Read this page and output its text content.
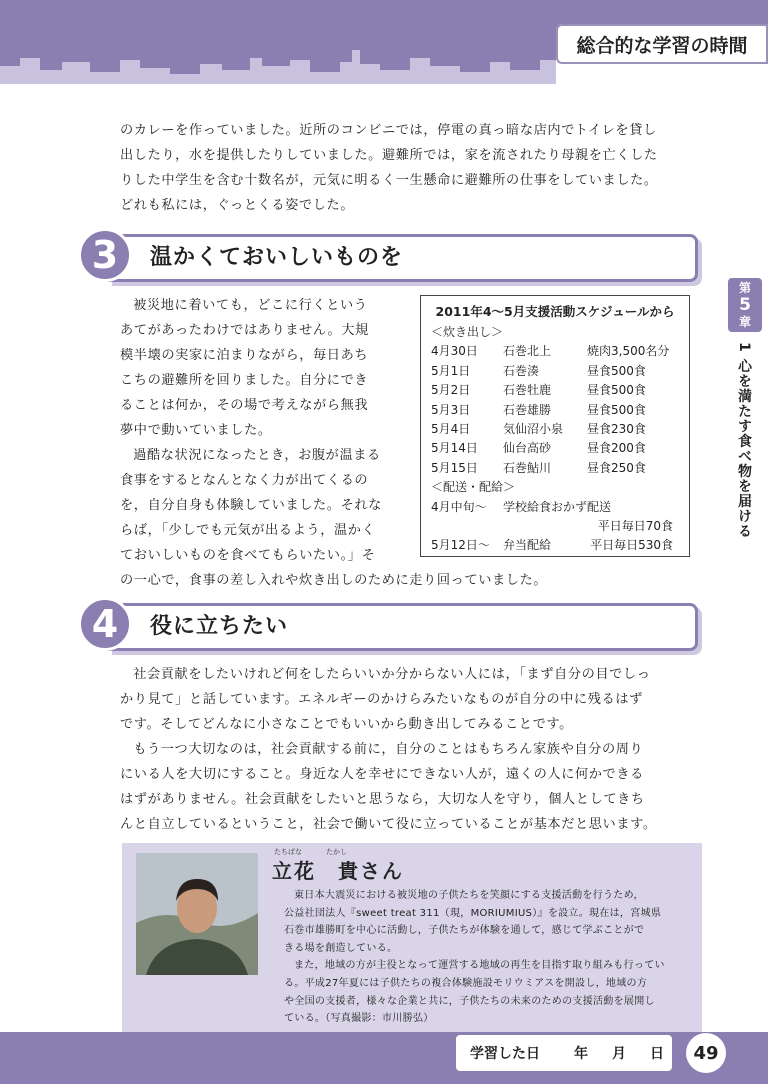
総合的な学習の時間

のカレーを作っていました。近所のコンビニでは，停電の真っ暗な店内でトイレを貸し

出したり，水を提供したりしていました。避難所では，家を流されたり母親を亡くした

りした中学生を含む十数名が，元気に明るく一生懸命に避難所の仕事をしていました。

どれも私には，ぐっとくる姿でした。

3	温かくておいしいものを

被災地に着いても，どこに行くという

あてがあったわけではありません。大規

模半壊の実家に泊まりながら，毎日あち

こちの避難所を回りました。自分にでき

ることは何か，その場で考えながら無我

夢中で動いていました。

過酷な状況になったとき，お腹が温まる

食事をするとなんとなく力が出てくるの

を，自分自身も体験していました。それな

らば，「少しでも元気が出るよう，温かく

ておいしいものを食べてもらいたい。」そ

の一心で，食事の差し入れや炊き出しのために走り回っていました。
2011年4～5月支援活動スケジュールから
＜炊き出し＞
4月30日	石巻北上	焼肉3,500名分
5月1日	石巻湊	昼食500食
5月2日	石巻牡鹿	昼食500食
5月3日	石巻雄勝	昼食500食
5月4日	気仙沼小泉	昼食230食
5月14日	仙台高砂	昼食200食
5月15日	石巻鮎川	昼食250食
＜配送・配給＞
4月中旬～	学校給食おかず配送
平日毎日70食
5月12日～	弁当配給	平日毎日530食
第
5
章
1 心を満たす食べ物を届ける
4	役に立ちたい

社会貢献をしたいけれど何をしたらいいか分からない人には，「まず自分の目でしっ

かり見て」と話しています。エネルギーのかけらみたいなものが自分の中に残るはず

です。そしてどんなに小さなことでもいいから動き出してみることです。

もう一つ大切なのは，社会貢献する前に，自分のことはもちろん家族や自分の周り

にいる人を大切にすること。身近な人を幸せにできない人が，遠くの人に何かできる

はずがありません。社会貢献をしたいと思うなら，大切な人を守り，個人としてきち

んと自立しているということ，社会で働いて役に立っていることが基本だと思います。

たちばな	たかし
立花　貴さん

東日本大震災における被災地の子供たちを笑顔にする支援活動を行うため，

公益社団法人『sweet treat 311（現，MORIUMIUS）』を設立。現在は，宮城県

石巻市雄勝町を中心に活動し，子供たちが体験を通して，感じて学ぶことがで

きる場を創造している。

また，地域の方が主役となって運営する地域の再生を目指す取り組みも行ってい

る。平成27年夏には子供たちの複合体験施設モリウミアスを開設し，地域の方

や全国の支援者，様々な企業と共に，子供たちの未来のための支援活動を展開し

ている。（写真撮影：市川勝弘）

学習した日 年 月 日	49
